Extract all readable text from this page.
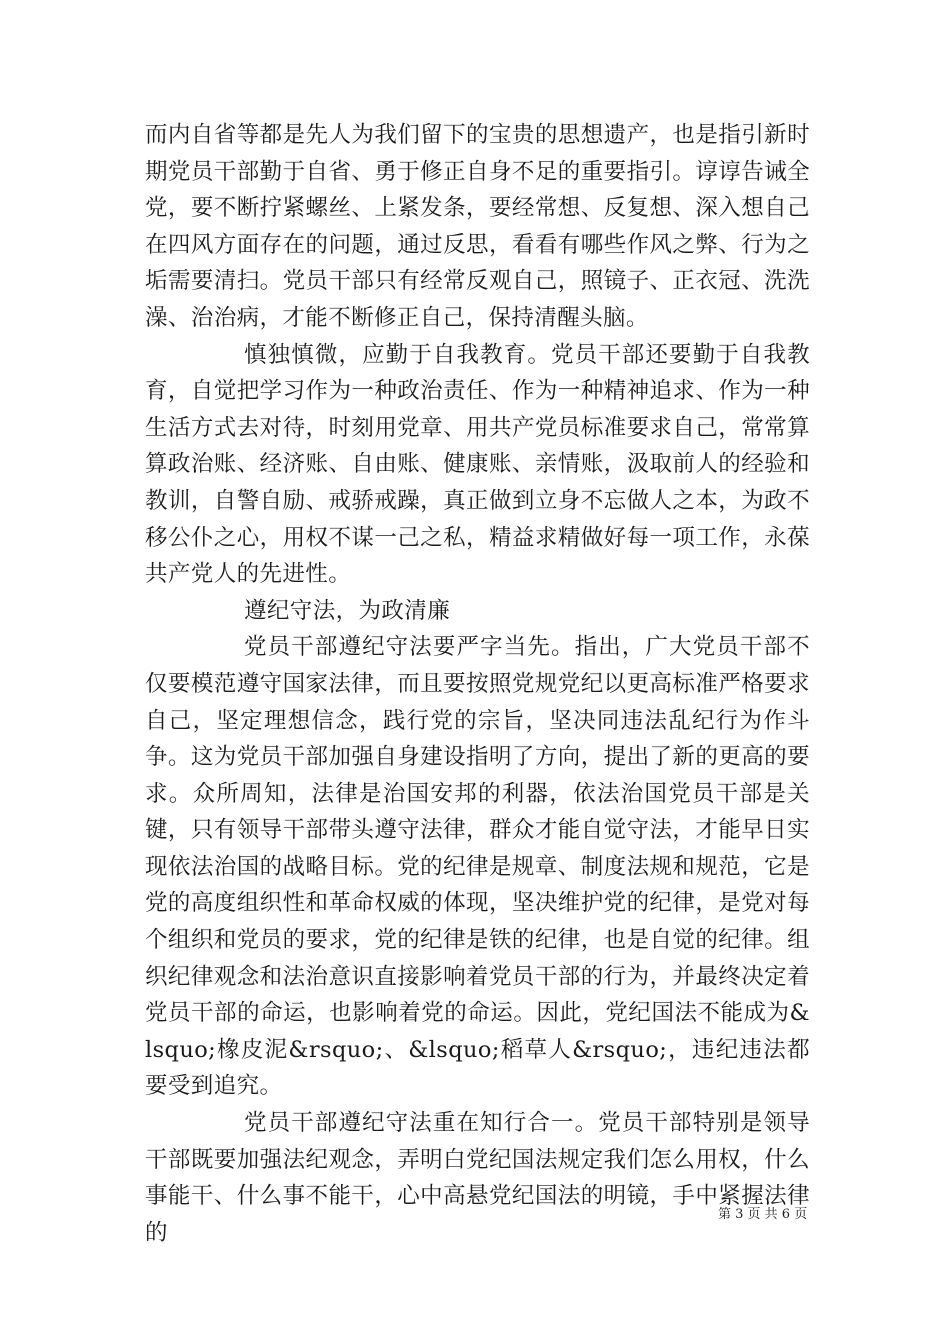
而内自省等都是先人为我们留下的宝贵的思想遗产，也是指引新时期党员干部勤于自省、勇于修正自身不足的重要指引。谆谆告诫全党，要不断拧紧螺丝、上紧发条，要经常想、反复想、深入想自己在四风方面存在的问题，通过反思，看看有哪些作风之弊、行为之垢需要清扫。党员干部只有经常反观自己，照镜子、正衣冠、洗洗澡、治治病，才能不断修正自己，保持清醒头脑。

慎独慎微，应勤于自我教育。党员干部还要勤于自我教育，自觉把学习作为一种政治责任、作为一种精神追求、作为一种生活方式去对待，时刻用党章、用共产党员标准要求自己，常常算算政治账、经济账、自由账、健康账、亲情账，汲取前人的经验和教训，自警自励、戒骄戒躁，真正做到立身不忘做人之本，为政不移公仆之心，用权不谋一己之私，精益求精做好每一项工作，永葆共产党人的先进性。

遵纪守法，为政清廉

党员干部遵纪守法要严字当先。指出，广大党员干部不仅要模范遵守国家法律，而且要按照党规党纪以更高标准严格要求自己，坚定理想信念，践行党的宗旨，坚决同违法乱纪行为作斗争。这为党员干部加强自身建设指明了方向，提出了新的更高的要求。众所周知，法律是治国安邦的利器，依法治国党员干部是关键，只有领导干部带头遵守法律，群众才能自觉守法，才能早日实现依法治国的战略目标。党的纪律是规章、制度法规和规范，它是党的高度组织性和革命权威的体现，坚决维护党的纪律，是党对每个组织和党员的要求，党的纪律是铁的纪律，也是自觉的纪律。组织纪律观念和法治意识直接影响着党员干部的行为，并最终决定着党员干部的命运，也影响着党的命运。因此，党纪国法不能成为&lsquo;橡皮泥&rsquo;、&lsquo;稻草人&rsquo;，违纪违法都要受到追究。

党员干部遵纪守法重在知行合一。党员干部特别是领导干部既要加强法纪观念，弄明白党纪国法规定我们怎么用权，什么事能干、什么事不能干，心中高悬党纪国法的明镜，手中紧握法律的

第 3 页 共 6 页
